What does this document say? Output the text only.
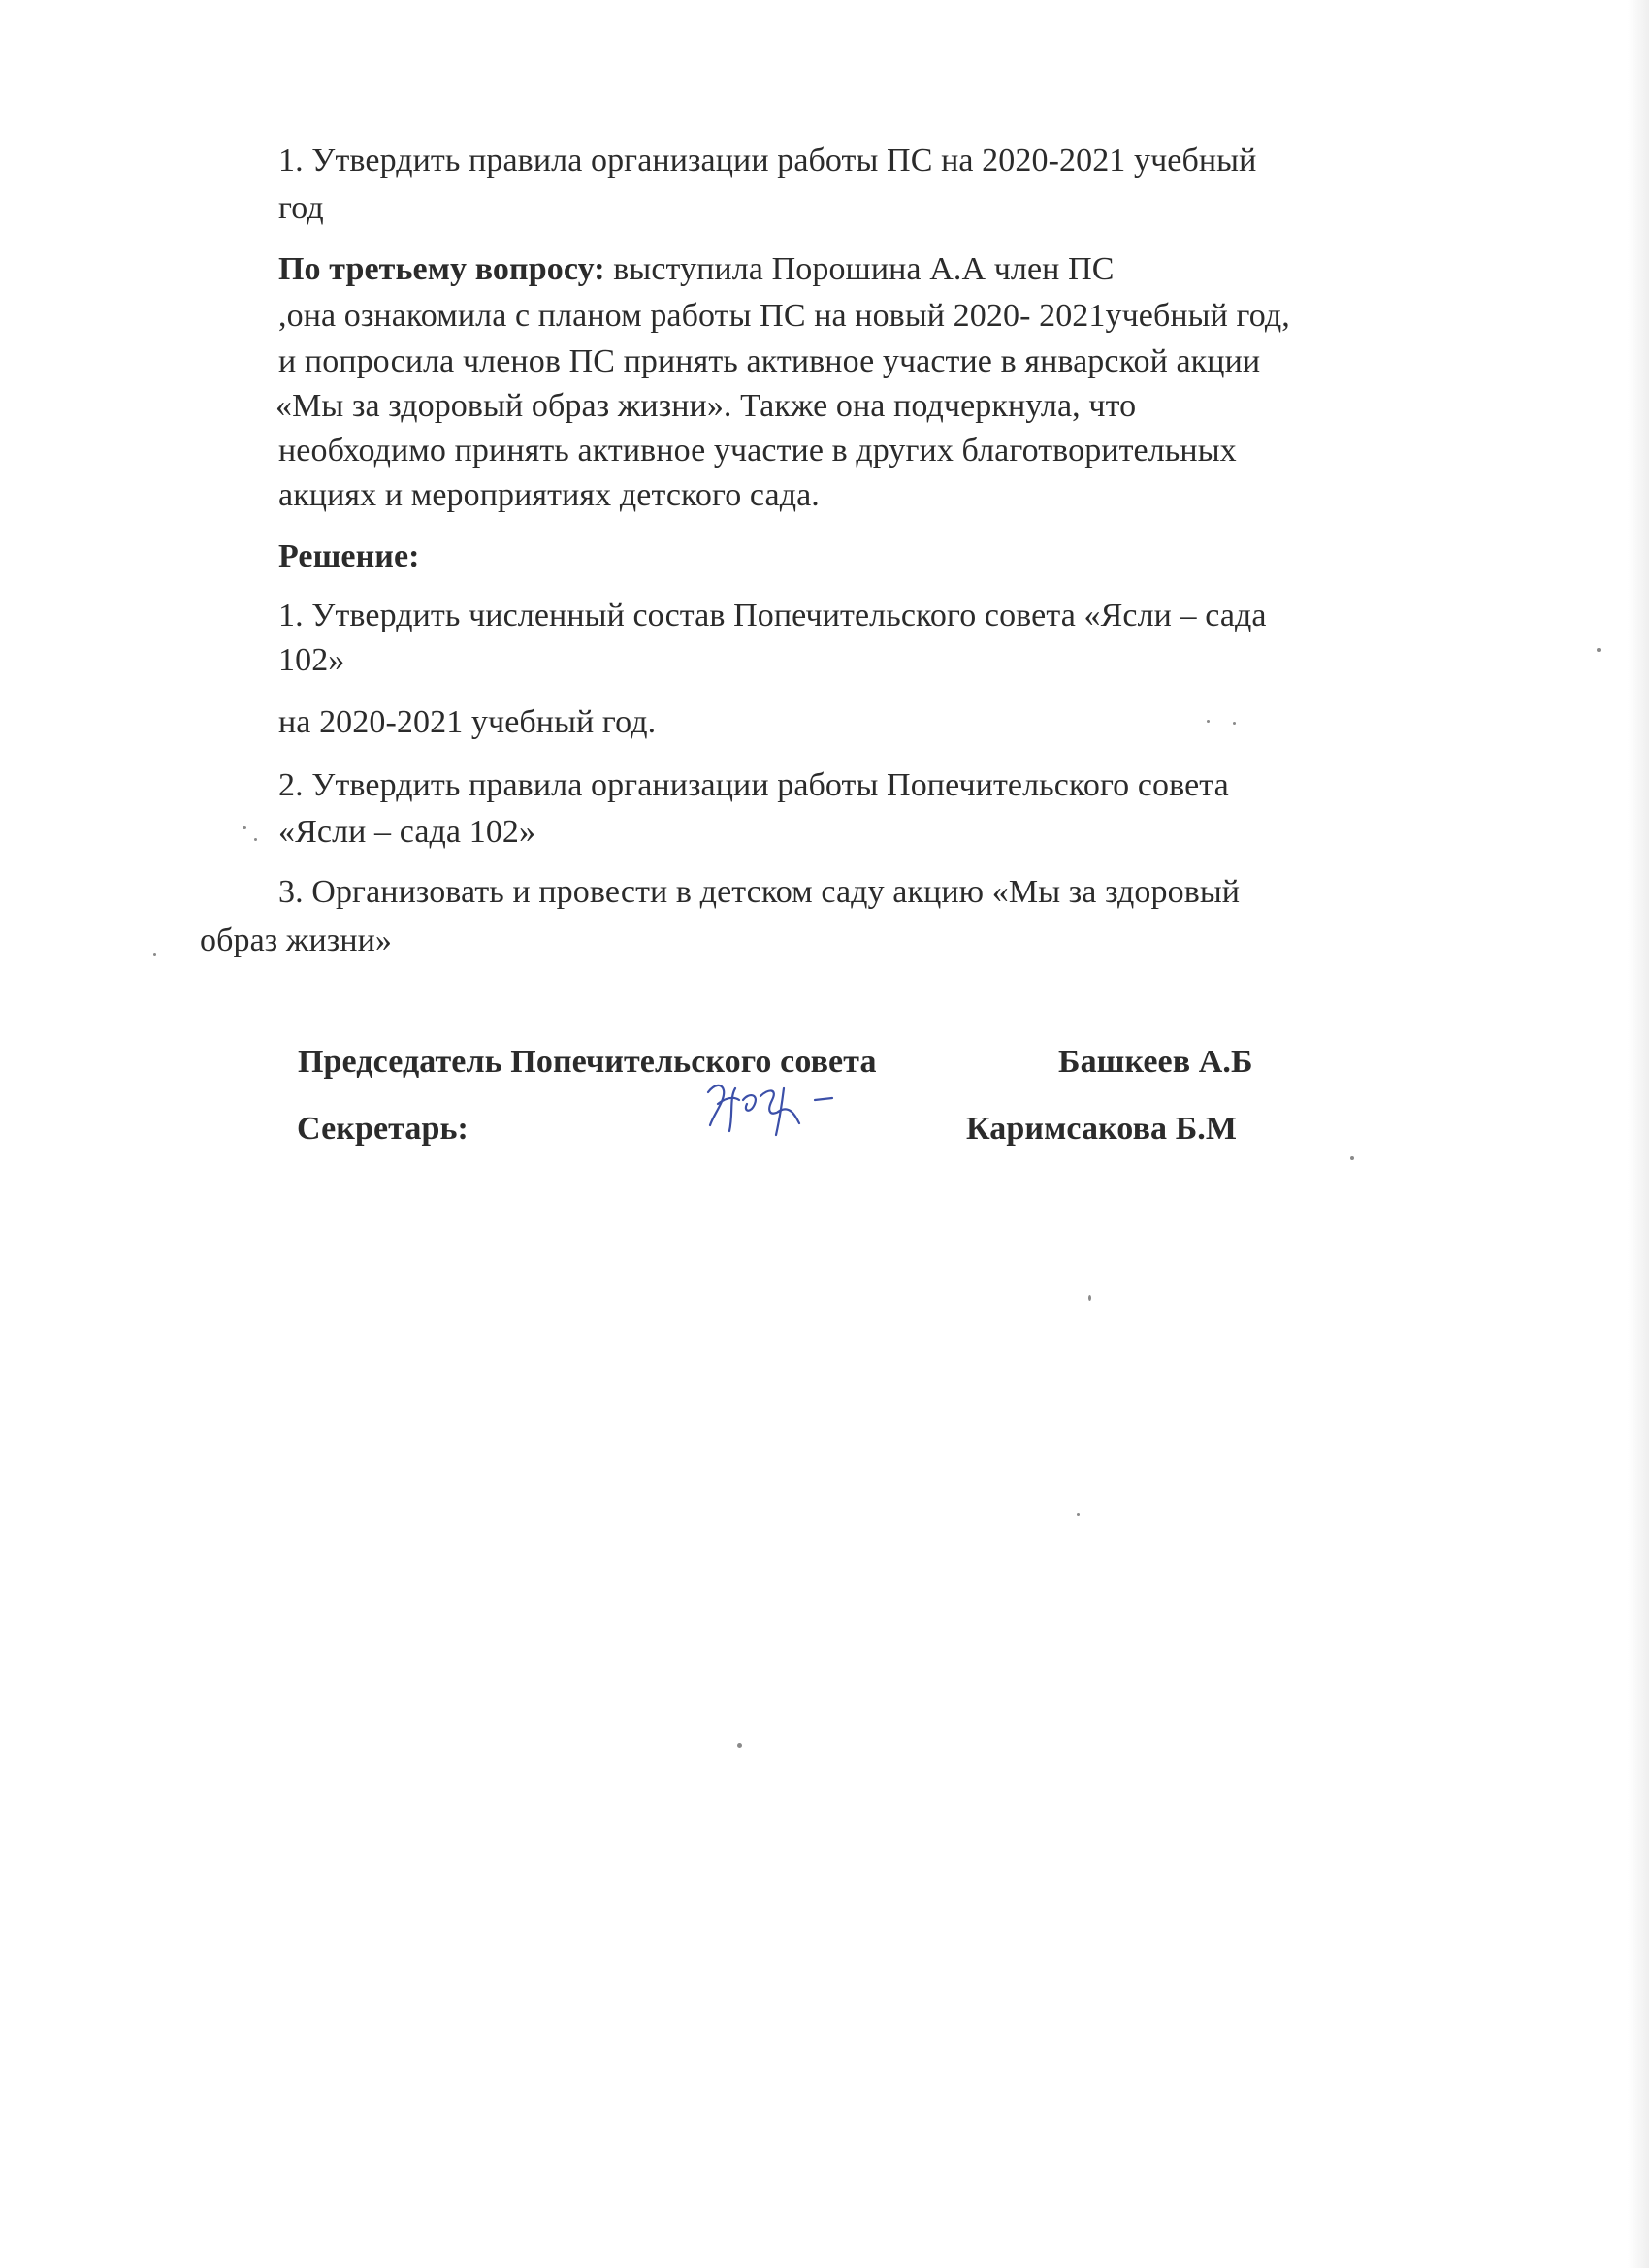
1. Утвердить правила организации работы ПС на 2020-2021 учебный
год
По третьему вопросу: выступила Порошина А.А член ПС
,она ознакомила с планом работы ПС на новый 2020- 2021учебный год,
и попросила членов ПС принять активное участие в январской акции
«Мы за здоровый образ жизни». Также она подчеркнула, что
необходимо принять активное участие в других благотворительных
акциях и мероприятиях детского сада.
Решение:
1. Утвердить численный состав Попечительского совета «Ясли – сада
102»
на 2020-2021 учебный год.
2. Утвердить правила организации работы Попечительского совета
«Ясли – сада 102»
3. Организовать и провести в детском саду акцию «Мы за здоровый
образ жизни»
Председатель Попечительского совета	Башкеев А.Б
Секретарь:	Каримсакова Б.М
